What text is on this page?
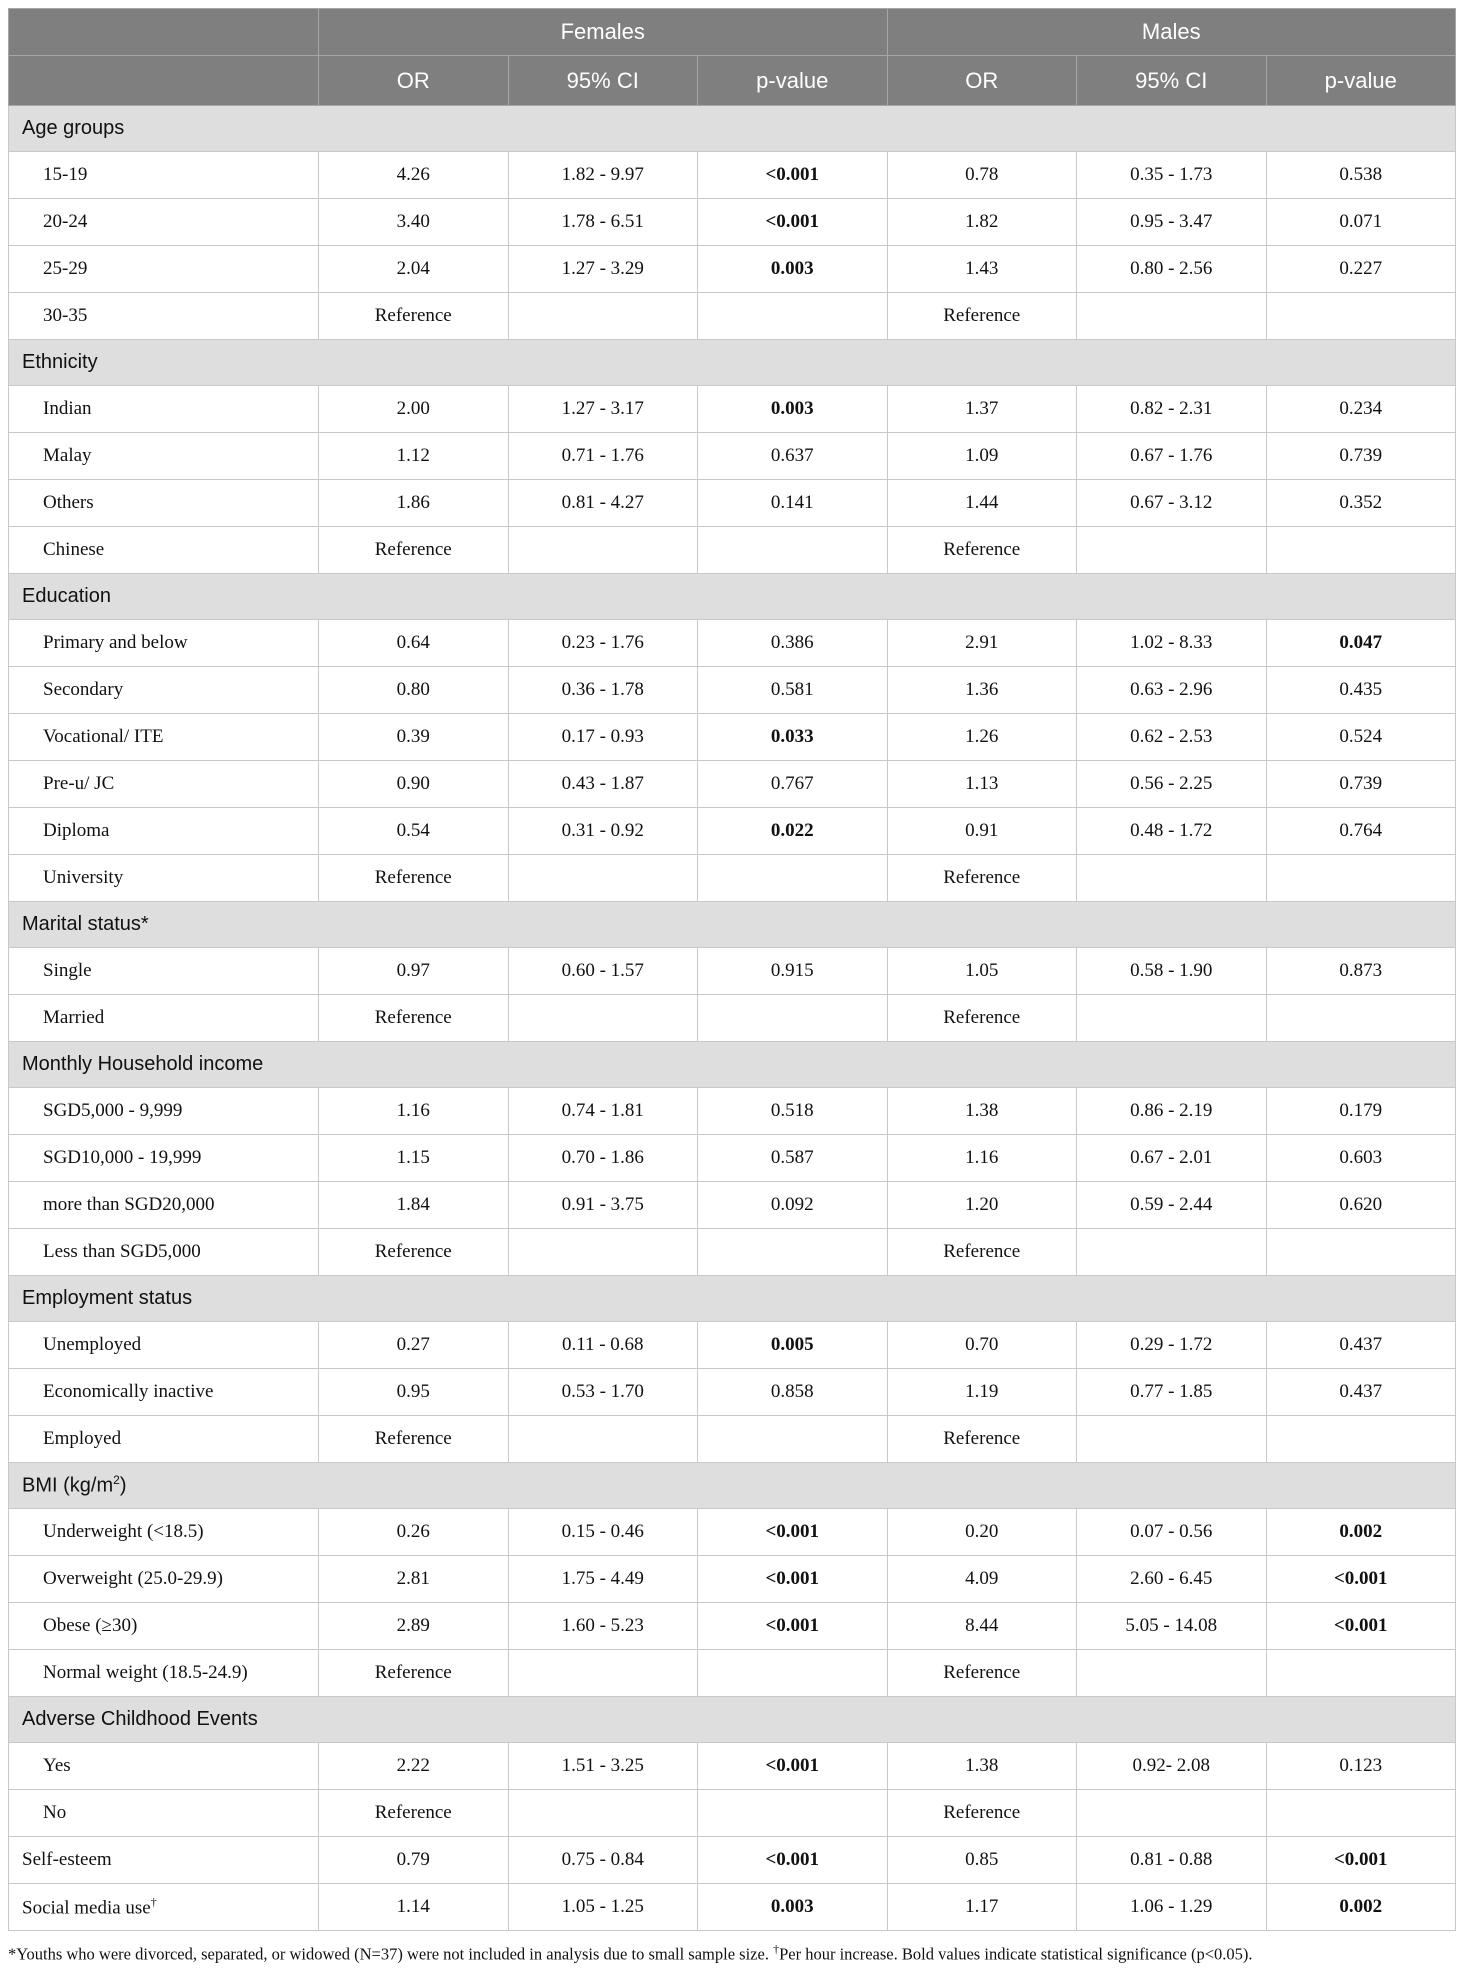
	Females			Males		
	OR	95% CI	p-value	OR	95% CI	p-value
Age groups						
15-19	4.26	1.82 - 9.97	<0.001	0.78	0.35 - 1.73	0.538
20-24	3.40	1.78 - 6.51	<0.001	1.82	0.95 - 3.47	0.071
25-29	2.04	1.27 - 3.29	0.003	1.43	0.80 - 2.56	0.227
30-35	Reference			Reference		
Ethnicity						
Indian	2.00	1.27 - 3.17	0.003	1.37	0.82 - 2.31	0.234
Malay	1.12	0.71 - 1.76	0.637	1.09	0.67 - 1.76	0.739
Others	1.86	0.81 - 4.27	0.141	1.44	0.67 - 3.12	0.352
Chinese	Reference			Reference		
Education						
Primary and below	0.64	0.23 - 1.76	0.386	2.91	1.02 - 8.33	0.047
Secondary	0.80	0.36 - 1.78	0.581	1.36	0.63 - 2.96	0.435
Vocational/ ITE	0.39	0.17 - 0.93	0.033	1.26	0.62 - 2.53	0.524
Pre-u/ JC	0.90	0.43 - 1.87	0.767	1.13	0.56 - 2.25	0.739
Diploma	0.54	0.31 - 0.92	0.022	0.91	0.48 - 1.72	0.764
University	Reference			Reference		
Marital status*						
Single	0.97	0.60 - 1.57	0.915	1.05	0.58 - 1.90	0.873
Married	Reference			Reference		
Monthly Household income						
SGD5,000 - 9,999	1.16	0.74 - 1.81	0.518	1.38	0.86 - 2.19	0.179
SGD10,000 - 19,999	1.15	0.70 - 1.86	0.587	1.16	0.67 - 2.01	0.603
more than SGD20,000	1.84	0.91 - 3.75	0.092	1.20	0.59 - 2.44	0.620
Less than SGD5,000	Reference			Reference		
Employment status						
Unemployed	0.27	0.11 - 0.68	0.005	0.70	0.29 - 1.72	0.437
Economically inactive	0.95	0.53 - 1.70	0.858	1.19	0.77 - 1.85	0.437
Employed	Reference			Reference		
BMI $(kg/m^2)$						
Underweight (<18.5)	0.26	0.15 - 0.46	<0.001	0.20	0.07 - 0.56	0.002
Overweight (25.0-29.9)	2.81	1.75 - 4.49	<0.001	4.09	2.60 - 6.45	<0.001
Obese (≥30)	2.89	1.60 - 5.23	<0.001	8.44	5.05 - 14.08	<0.001
Normal weight (18.5-24.9)	Reference			Reference		
Adverse Childhood Events						
Yes	2.22	1.51 - 3.25	<0.001	1.38	0.92- 2.08	0.123
No	Reference			Reference		
Self-esteem	0.79	0.75 - 0.84	<0.001	0.85	0.81 - 0.88	<0.001
Social media use†	1.14	1.05 - 1.25	0.003	1.17	1.06 - 1.29	0.002
*Youths who were divorced, separated, or widowed (N=37) were not included in analysis due to small sample size. †Per hour increase. Bold values indicate statistical significance (p<0.05).
